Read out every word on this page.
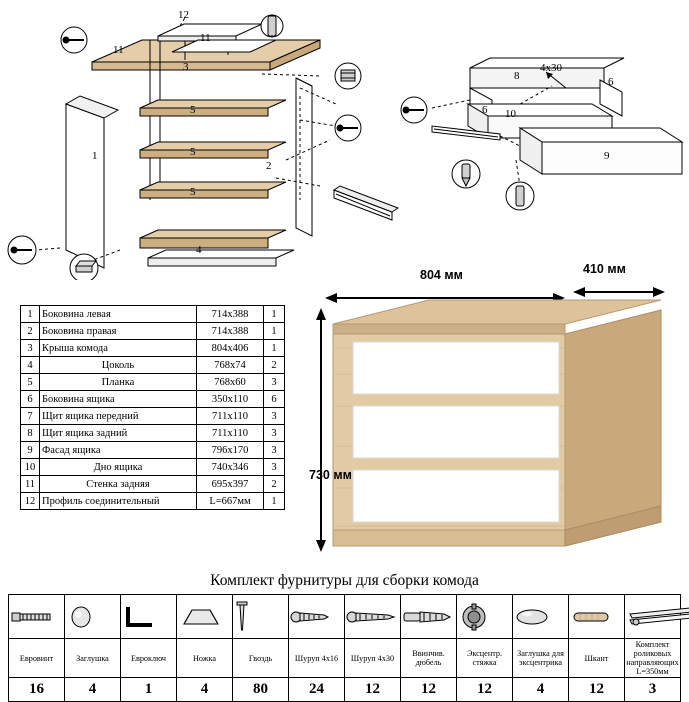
12
11
11
3
1
5
5
5
2
4
8
4x30
6
6
10
9
1	Боковина левая	714х388	1
2	Боковина правая	714х388	1
3	Крыша комода	804х406	1
4	Цоколь	768х74	2
5	Планка	768х60	3
6	Боковина ящика	350х110	6
7	Щит ящика передний	711х110	3
8	Щит ящика задний	711х110	3
9	Фасад ящика	796х170	3
10	Дно ящика	740х346	3
11	Стенка задняя	695х397	2
12	Профиль соединительный	L=667мм	1
804 мм	410 мм
730 мм
Комплект фурнитуры для сборки комода

Евровинт	Заглушка	Евроключ	Ножка	Гвоздь	Шуруп 4х16	Шуруп 4х30	Ввинчив. дюбель	Эксцентр. стяжка	Заглушка для эксцентрика	Шкант	Комплект роликовых направляющих L=350мм
16	4	1	4	80	24	12	12	12	4	12	3
